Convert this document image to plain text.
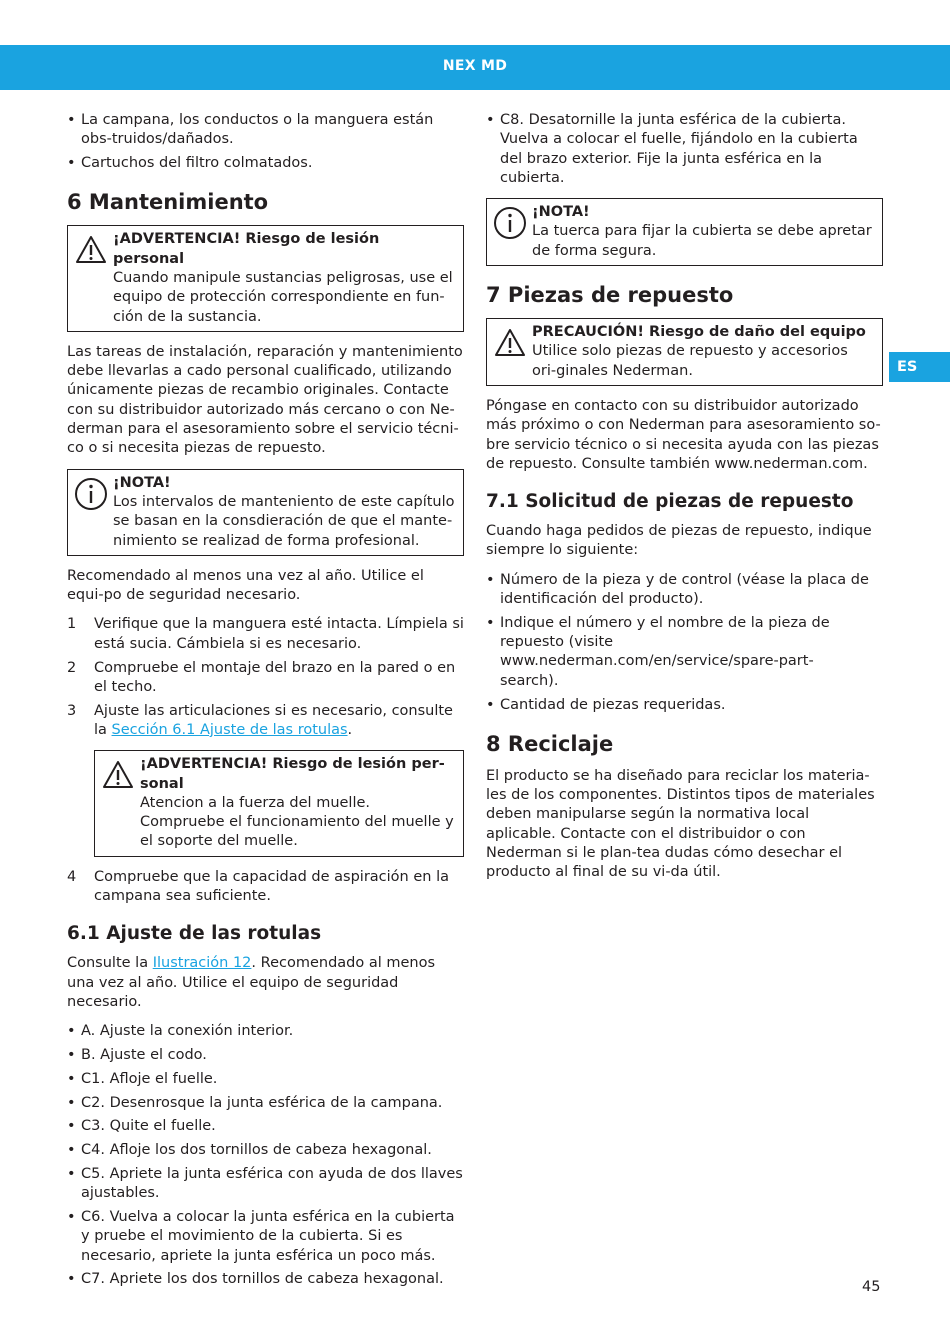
NEX MD
• La campana, los conductos o la manguera están obs-truidos/dañados.
• Cartuchos del filtro colmatados.
6 Mantenimiento
¡ADVERTENCIA! Riesgo de lesión personal
Cuando manipule sustancias peligrosas, use el equipo de protección correspondiente en fun-ción de la sustancia.

Las tareas de instalación, reparación y mantenimiento debe llevarlas a cado personal cualificado, utilizando únicamente piezas de recambio originales. Contacte con su distribuidor autorizado más cercano o con Ne-derman para el asesoramiento sobre el servicio técni-co o si necesita piezas de repuesto.

¡NOTA!
Los intervalos de manteniento de este capítulo se basan en la consdieración de que el mante-nimiento se realizad de forma profesional.

Recomendado al menos una vez al año. Utilice el equi-po de seguridad necesario.

1 Verifique que la manguera esté intacta. Límpiela si está sucia. Cámbiela si es necesario.
2 Compruebe el montaje del brazo en la pared o en el techo.
3 Ajuste las articulaciones si es necesario, consulte la Sección 6.1 Ajuste de las rotulas.
¡ADVERTENCIA! Riesgo de lesión per-sonal
Atencion a la fuerza del muelle. Compruebe el funcionamiento del muelle y el soporte del muelle.
4 Compruebe que la capacidad de aspiración en la campana sea suficiente.
6.1 Ajuste de las rotulas

Consulte la Ilustración 12. Recomendado al menos una vez al año. Utilice el equipo de seguridad necesario.

• A. Ajuste la conexión interior.
• B. Ajuste el codo.
• C1. Afloje el fuelle.
• C2. Desenrosque la junta esférica de la campana.
• C3. Quite el fuelle.
• C4. Afloje los dos tornillos de cabeza hexagonal.
• C5. Apriete la junta esférica con ayuda de dos llaves ajustables.
• C6. Vuelva a colocar la junta esférica en la cubierta y pruebe el movimiento de la cubierta. Si es necesario, apriete la junta esférica un poco más.
• C7. Apriete los dos tornillos de cabeza hexagonal.
• C8. Desatornille la junta esférica de la cubierta. Vuelva a colocar el fuelle, fijándolo en la cubierta del brazo exterior. Fije la junta esférica en la cubierta.
¡NOTA!
La tuerca para fijar la cubierta se debe apretar de forma segura.
7 Piezas de repuesto
PRECAUCIÓN! Riesgo de daño del equipo
Utilice solo piezas de repuesto y accesorios ori-ginales Nederman.

Póngase en contacto con su distribuidor autorizado más próximo o con Nederman para asesoramiento so-bre servicio técnico o si necesita ayuda con las piezas de repuesto. Consulte también www.nederman.com.

7.1 Solicitud de piezas de repuesto

Cuando haga pedidos de piezas de repuesto, indique siempre lo siguiente:

• Número de la pieza y de control (véase la placa de identificación del producto).
• Indique el número y el nombre de la pieza de repuesto (visite www.nederman.com/en/service/spare-part-search).
• Cantidad de piezas requeridas.
8 Reciclaje

El producto se ha diseñado para reciclar los materia-les de los componentes. Distintos tipos de materiales deben manipularse según la normativa local aplicable. Contacte con el distribuidor o con Nederman si le plan-tea dudas cómo desechar el producto al final de su vi-da útil.

ES
45
